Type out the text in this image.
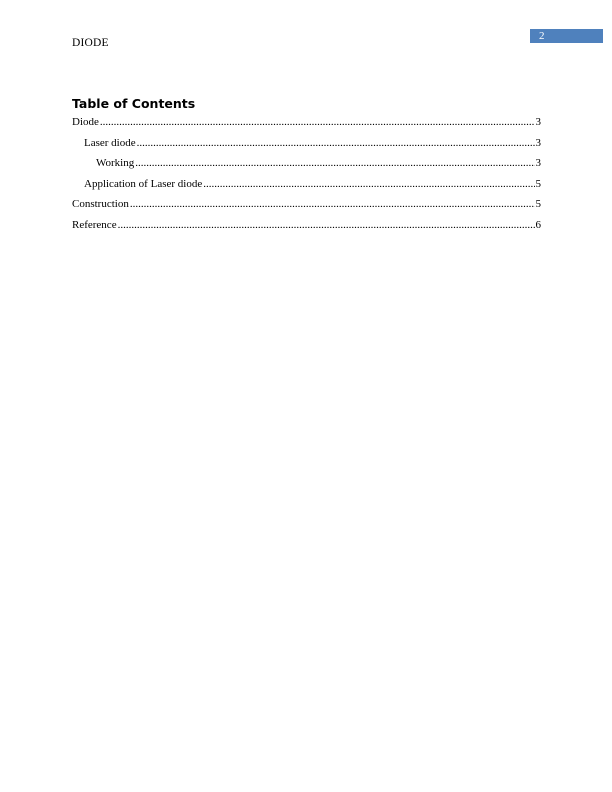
DIODE
2
Table of Contents
Diode .....	3
Laser diode .....	3
Working .....	3
Application of Laser diode .....	5
Construction .....	5
Reference .....	6
